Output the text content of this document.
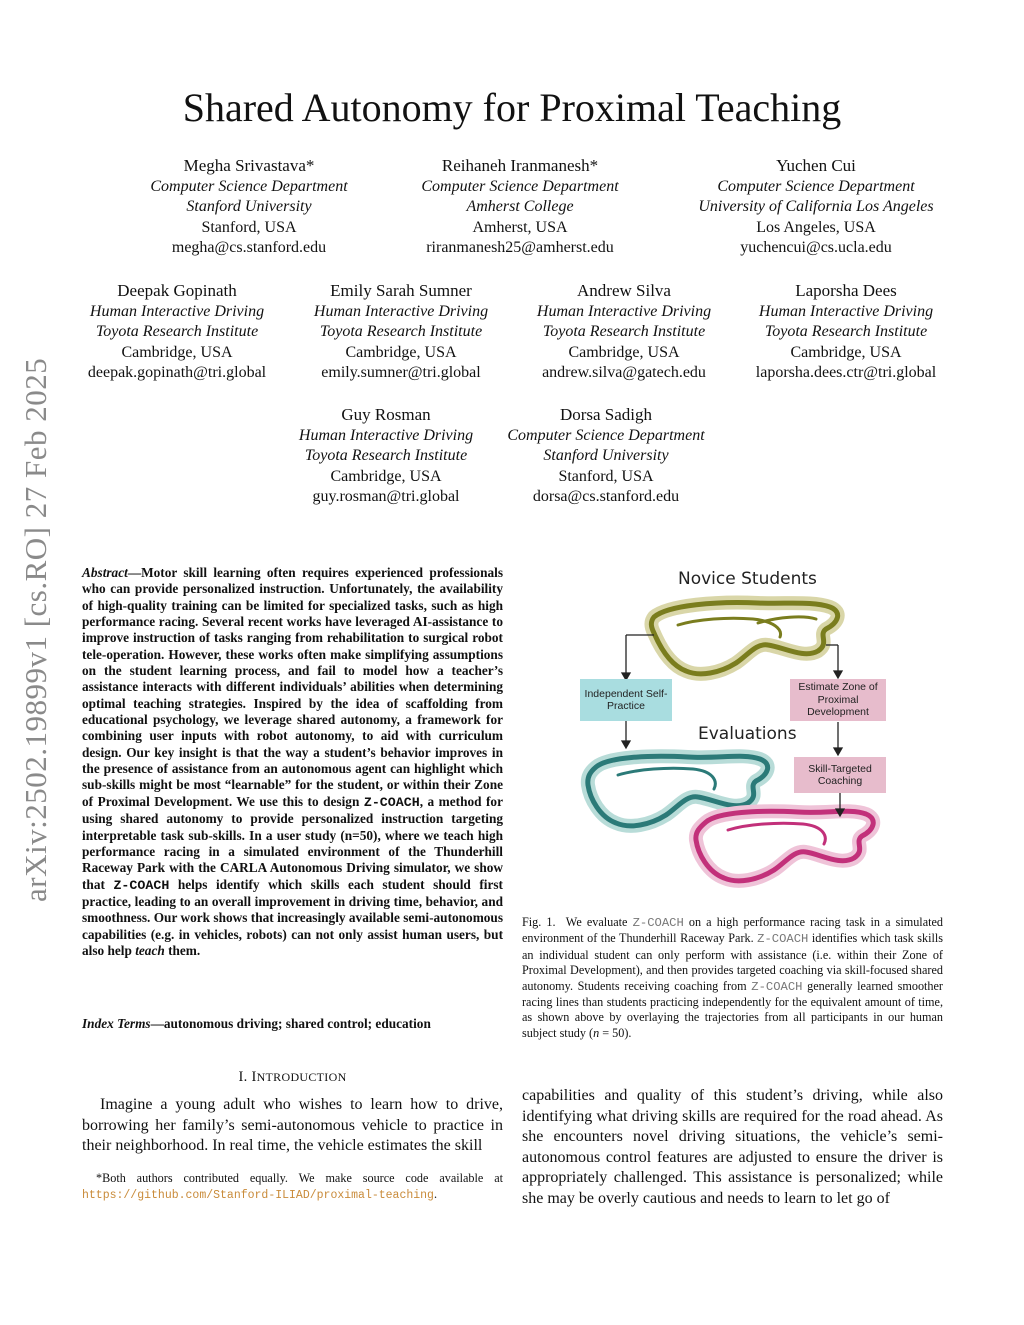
arXiv:2502.19899v1 [cs.RO] 27 Feb 2025
Shared Autonomy for Proximal Teaching
Megha Srivastava*
Computer Science Department
Stanford University
Stanford, USA
megha@cs.stanford.edu
Reihaneh Iranmanesh*
Computer Science Department
Amherst College
Amherst, USA
riranmanesh25@amherst.edu
Yuchen Cui
Computer Science Department
University of California Los Angeles
Los Angeles, USA
yuchencui@cs.ucla.edu
Deepak Gopinath
Human Interactive Driving
Toyota Research Institute
Cambridge, USA
deepak.gopinath@tri.global
Emily Sarah Sumner
Human Interactive Driving
Toyota Research Institute
Cambridge, USA
emily.sumner@tri.global
Andrew Silva
Human Interactive Driving
Toyota Research Institute
Cambridge, USA
andrew.silva@gatech.edu
Laporsha Dees
Human Interactive Driving
Toyota Research Institute
Cambridge, USA
laporsha.dees.ctr@tri.global
Guy Rosman
Human Interactive Driving
Toyota Research Institute
Cambridge, USA
guy.rosman@tri.global
Dorsa Sadigh
Computer Science Department
Stanford University
Stanford, USA
dorsa@cs.stanford.edu
Abstract—Motor skill learning often requires experienced professionals who can provide personalized instruction. Unfortunately, the availability of high-quality training can be limited for specialized tasks, such as high performance racing. Several recent works have leveraged AI-assistance to improve instruction of tasks ranging from rehabilitation to surgical robot tele-operation. However, these works often make simplifying assumptions on the student learning process, and fail to model how a teacher’s assistance interacts with different individuals’ abilities when determining optimal teaching strategies. Inspired by the idea of scaffolding from educational psychology, we leverage shared autonomy, a framework for combining user inputs with robot autonomy, to aid with curriculum design. Our key insight is that the way a student’s behavior improves in the presence of assistance from an autonomous agent can highlight which sub-skills might be most “learnable” for the student, or within their Zone of Proximal Development. We use this to design Z-COACH, a method for using shared autonomy to provide personalized instruction targeting interpretable task sub-skills. In a user study (n=50), where we teach high performance racing in a simulated environment of the Thunderhill Raceway Park with the CARLA Autonomous Driving simulator, we show that Z-COACH helps identify which skills each student should first practice, leading to an overall improvement in driving time, behavior, and smoothness. Our work shows that increasingly available semi-autonomous capabilities (e.g. in vehicles, robots) can not only assist human users, but also help teach them.
Index Terms—autonomous driving; shared control; education
I. INTRODUCTION
Imagine a young adult who wishes to learn how to drive, borrowing her family’s semi-autonomous vehicle to practice in their neighborhood. In real time, the vehicle estimates the skill
*Both authors contributed equally. We make source code available at https://github.com/Stanford-ILIAD/proximal-teaching.
capabilities and quality of this student’s driving, while also identifying what driving skills are required for the road ahead. As she encounters novel driving situations, the vehicle’s semi-autonomous control features are adjusted to ensure the driver is appropriately challenged. This assistance is personalized; while she may be overly cautious and needs to learn to let go of
Novice Students
Evaluations
Independent Self-Practice
Estimate Zone of Proximal Development
Skill-Targeted Coaching
Fig. 1. We evaluate Z-COACH on a high performance racing task in a simulated environment of the Thunderhill Raceway Park. Z-COACH identifies which task skills an individual student can only perform with assistance (i.e. within their Zone of Proximal Development), and then provides targeted coaching via skill-focused shared autonomy. Students receiving coaching from Z-COACH generally learned smoother racing lines than students practicing independently for the equivalent amount of time, as shown above by overlaying the trajectories from all participants in our human subject study (n = 50).
